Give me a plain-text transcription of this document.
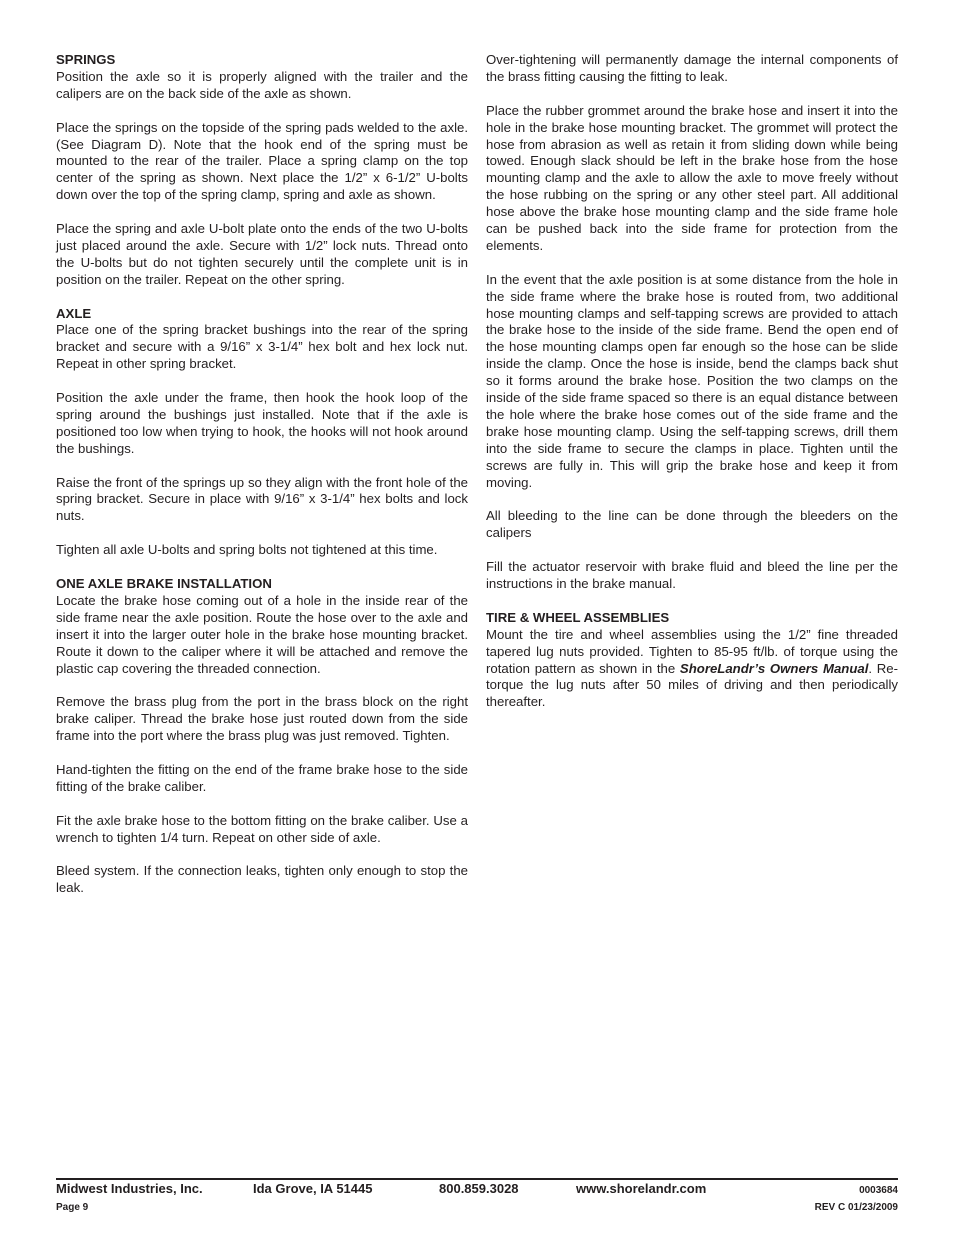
SPRINGS

Position the axle so it is properly aligned with the trailer and the calipers are on the back side of the axle as shown.

Place the springs on the topside of the spring pads welded to the axle. (See Diagram D). Note that the hook end of the spring must be mounted to the rear of the trailer. Place a spring clamp on the top center of the spring as shown. Next place the 1/2” x 6-1/2” U-bolts down over the top of the spring clamp, spring and axle as shown.

Place the spring and axle U-bolt plate onto the ends of the two U-bolts just placed around the axle. Secure with 1/2” lock nuts. Thread onto the U-bolts but do not tighten securely until the complete unit is in position on the trailer. Repeat on the other spring.

AXLE

Place one of the spring bracket bushings into the rear of the spring bracket and secure with a 9/16” x 3-1/4” hex bolt and hex lock nut. Repeat in other spring bracket.

Position the axle under the frame, then hook the hook loop of the spring around the bushings just installed. Note that if the axle is positioned too low when trying to hook, the hooks will not hook around the bushings.

Raise the front of the springs up so they align with the front hole of the spring bracket. Secure in place with 9/16” x 3-1/4” hex bolts and lock nuts.

Tighten all axle U-bolts and spring bolts not tightened at this time.

ONE AXLE BRAKE INSTALLATION

Locate the brake hose coming out of a hole in the inside rear of the side frame near the axle position. Route the hose over to the axle and insert it into the larger outer hole in the brake hose mounting bracket. Route it down to the caliper where it will be attached and remove the plastic cap covering the threaded connection.

Remove the brass plug from the port in the brass block on the right brake caliper. Thread the brake hose just routed down from the side frame into the port where the brass plug was just removed. Tighten.

Hand-tighten the fitting on the end of the frame brake hose to the side fitting of the brake caliber.

Fit the axle brake hose to the bottom fitting on the brake caliber. Use a wrench to tighten 1/4 turn. Repeat on other side of axle.

Bleed system. If the connection leaks, tighten only enough to stop the leak.

Over-tightening will permanently damage the internal components of the brass fitting causing the fitting to leak.

Place the rubber grommet around the brake hose and insert it into the hole in the brake hose mounting bracket. The grommet will protect the hose from abrasion as well as retain it from sliding down while being towed. Enough slack should be left in the brake hose from the hose mounting clamp and the axle to allow the axle to move freely without the hose rubbing on the spring or any other steel part. All additional hose above the brake hose mounting clamp and the side frame hole can be pushed back into the side frame for protection from the elements.

In the event that the axle position is at some distance from the hole in the side frame where the brake hose is routed from, two additional hose mounting clamps and self-tapping screws are provided to attach the brake hose to the inside of the side frame. Bend the open end of the hose mounting clamps open far enough so the hose can be slide inside the clamp. Once the hose is inside, bend the clamps back shut so it forms around the brake hose. Position the two clamps on the inside of the side frame spaced so there is an equal distance between the hole where the brake hose comes out of the side frame and the brake hose mounting clamp. Using the self-tapping screws, drill them into the side frame to secure the clamps in place. Tighten until the screws are fully in. This will grip the brake hose and keep it from moving.

All bleeding to the line can be done through the bleeders on the calipers

Fill the actuator reservoir with brake fluid and bleed the line per the instructions in the brake manual.

TIRE & WHEEL ASSEMBLIES

Mount the tire and wheel assemblies using the 1/2” fine threaded tapered lug nuts provided. Tighten to 85-95 ft/lb. of torque using the rotation pattern as shown in the ShoreLandr’s Owners Manual. Re-torque the lug nuts after 50 miles of driving and then periodically thereafter.

Midwest Industries, Inc.	Ida Grove, IA 51445	800.859.3028	www.shorelandr.com	0003684
Page 9	REV C 01/23/2009
